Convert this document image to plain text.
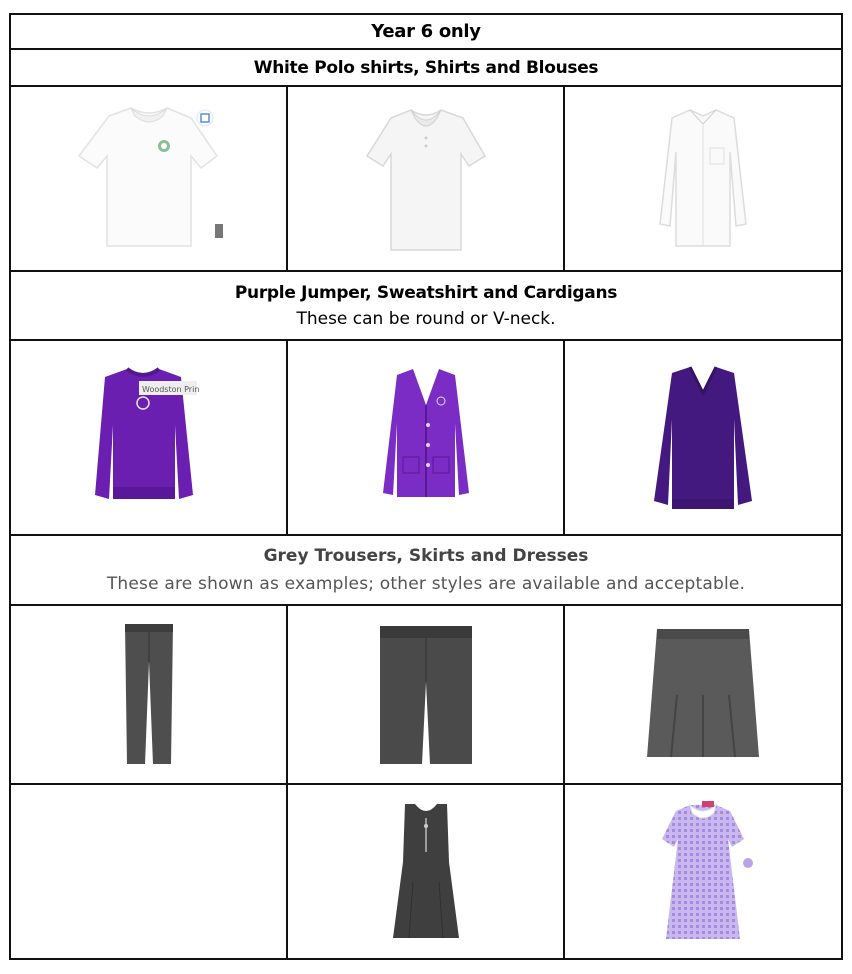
Year 6 only		
White Polo shirts, Shirts and Blouses		

Purple Jumper, Sweatshirt and Cardigans
These can be round or V-neck.		

Woodston Prin

Grey Trousers, Skirts and Dresses
These are shown as examples; other styles are available and acceptable.		
